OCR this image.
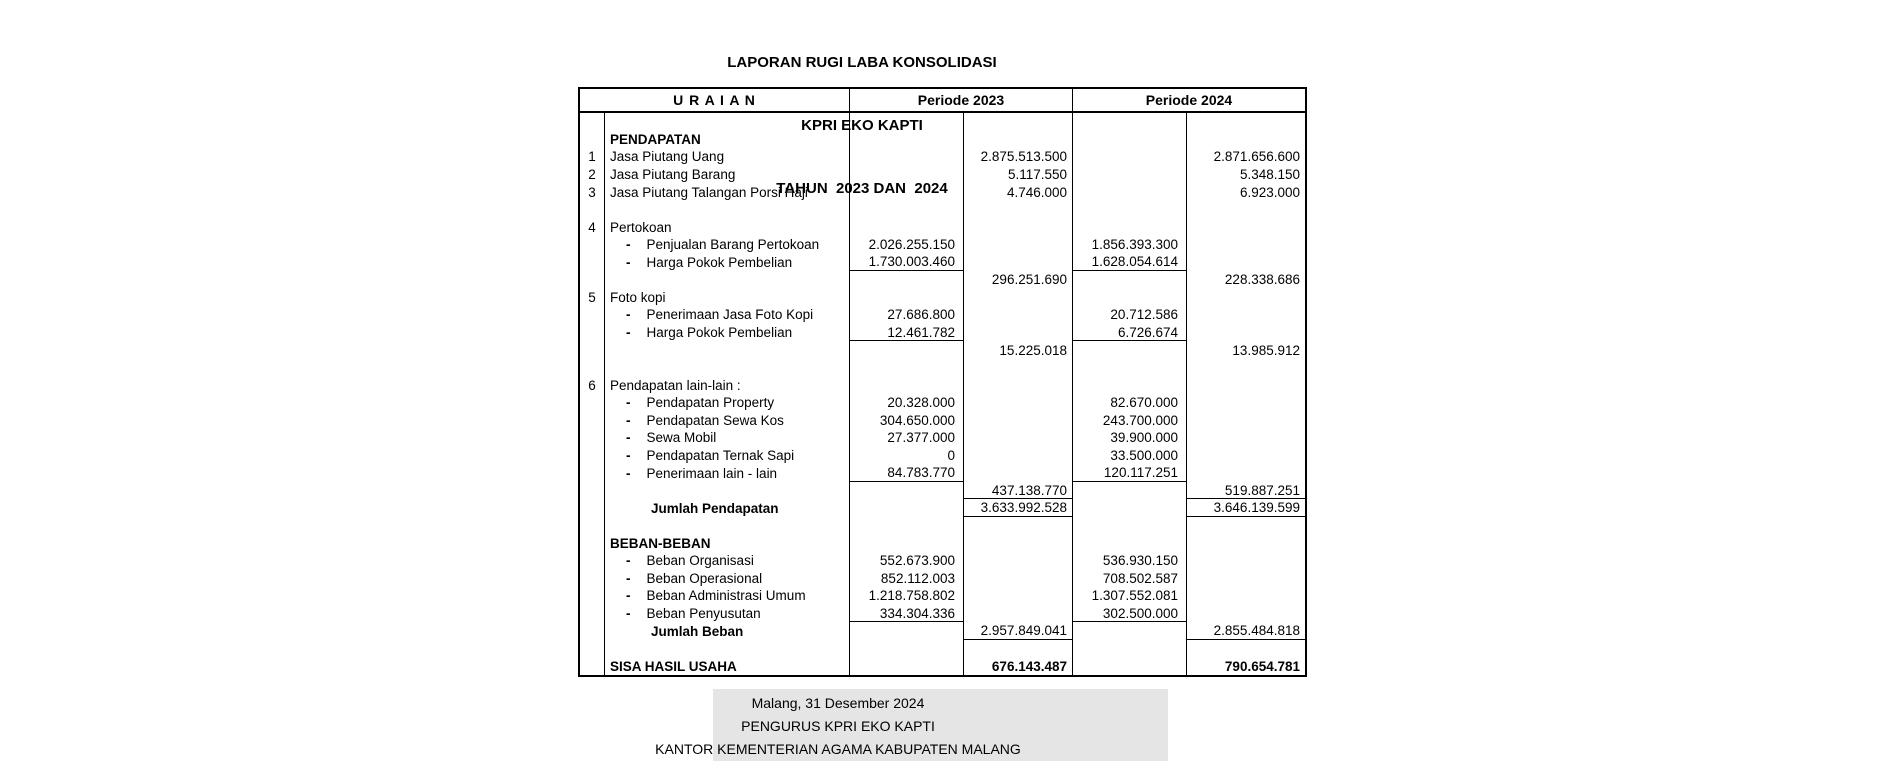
LAPORAN RUGI LABA KONSOLIDASI

KPRI EKO KAPTI

TAHUN  2023 DAN  2024

U R A I A N	Periode 2023	Periode 2024
PENDAPATAN
1	Jasa Piutang Uang	2.875.513.500	2.871.656.600
2	Jasa Piutang Barang	5.117.550	5.348.150
3	Jasa Piutang Talangan Porsi Haji	4.746.000	6.923.000
4	Pertokoan
- Penjualan Barang Pertokoan	2.026.255.150	1.856.393.300
- Harga Pokok Pembelian	1.730.003.460	1.628.054.614
296.251.690	228.338.686
5	Foto kopi
- Penerimaan Jasa Foto Kopi	27.686.800	20.712.586
- Harga Pokok Pembelian	12.461.782	6.726.674
15.225.018	13.985.912
6	Pendapatan lain-lain :
- Pendapatan Property	20.328.000	82.670.000
- Pendapatan Sewa Kos	304.650.000	243.700.000
- Sewa Mobil	27.377.000	39.900.000
- Pendapatan Ternak Sapi	0	33.500.000
- Penerimaan lain - lain	84.783.770	120.117.251
437.138.770	519.887.251
Jumlah Pendapatan	3.633.992.528	3.646.139.599
BEBAN-BEBAN
- Beban Organisasi	552.673.900	536.930.150
- Beban Operasional	852.112.003	708.502.587
- Beban Administrasi Umum	1.218.758.802	1.307.552.081
- Beban Penyusutan	334.304.336	302.500.000
Jumlah Beban	2.957.849.041	2.855.484.818
SISA HASIL USAHA	676.143.487	790.654.781
Malang, 31 Desember 2024
PENGURUS KPRI EKO KAPTI
KANTOR KEMENTERIAN AGAMA KABUPATEN MALANG
